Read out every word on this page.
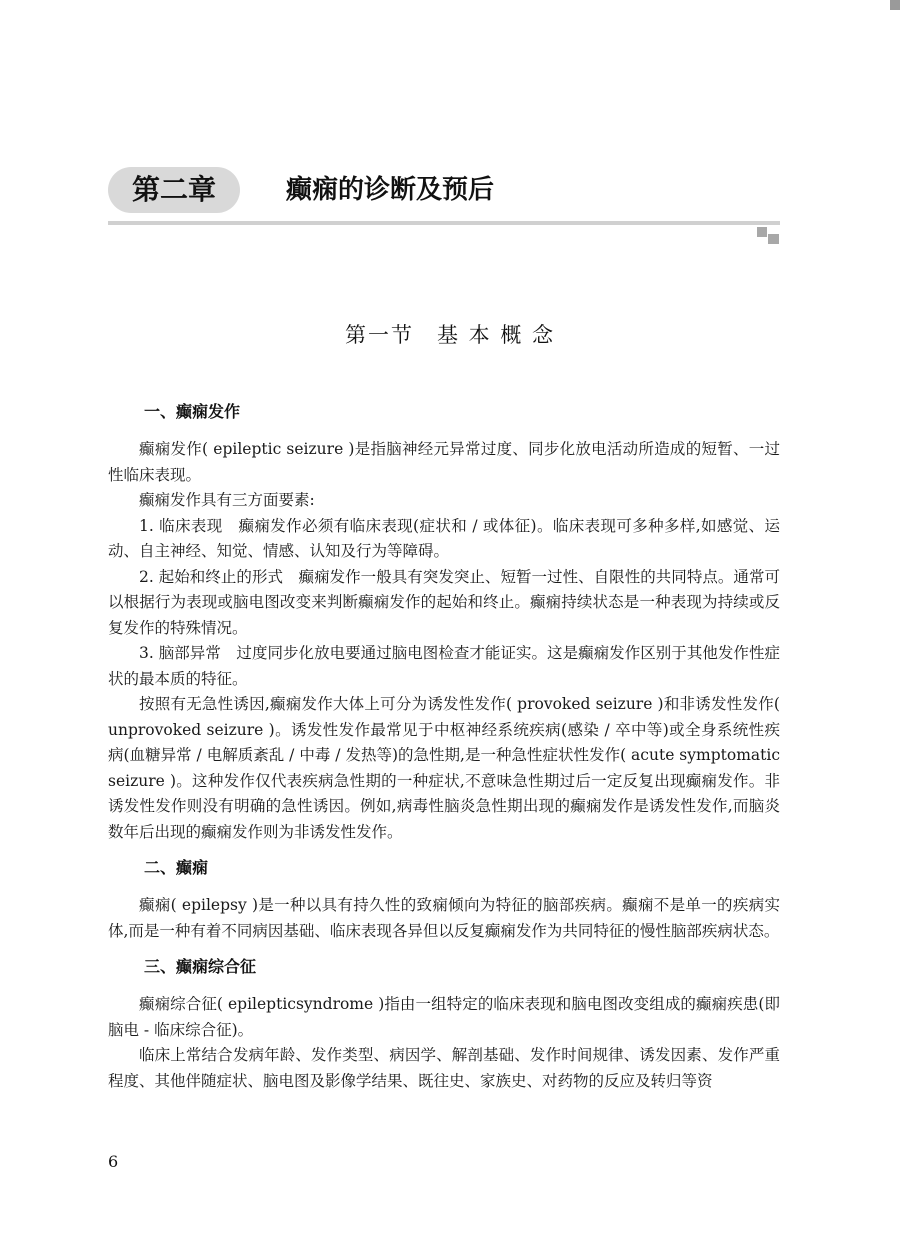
第二章	癫痫的诊断及预后
第一节　基 本 概 念
一、癫痫发作

癫痫发作( epileptic seizure )是指脑神经元异常过度、同步化放电活动所造成的短暂、一过性临床表现。

癫痫发作具有三方面要素:

1. 临床表现　癫痫发作必须有临床表现(症状和 / 或体征)。临床表现可多种多样,如感觉、运动、自主神经、知觉、情感、认知及行为等障碍。

2. 起始和终止的形式　癫痫发作一般具有突发突止、短暂一过性、自限性的共同特点。通常可以根据行为表现或脑电图改变来判断癫痫发作的起始和终止。癫痫持续状态是一种表现为持续或反复发作的特殊情况。

3. 脑部异常　过度同步化放电要通过脑电图检查才能证实。这是癫痫发作区别于其他发作性症状的最本质的特征。

按照有无急性诱因,癫痫发作大体上可分为诱发性发作( provoked seizure )和非诱发性发作( unprovoked seizure )。诱发性发作最常见于中枢神经系统疾病(感染 / 卒中等)或全身系统性疾病(血糖异常 / 电解质紊乱 / 中毒 / 发热等)的急性期,是一种急性症状性发作( acute symptomatic seizure )。这种发作仅代表疾病急性期的一种症状,不意味急性期过后一定反复出现癫痫发作。非诱发性发作则没有明确的急性诱因。例如,病毒性脑炎急性期出现的癫痫发作是诱发性发作,而脑炎数年后出现的癫痫发作则为非诱发性发作。

二、癫痫

癫痫( epilepsy )是一种以具有持久性的致痫倾向为特征的脑部疾病。癫痫不是单一的疾病实体,而是一种有着不同病因基础、临床表现各异但以反复癫痫发作为共同特征的慢性脑部疾病状态。

三、癫痫综合征

癫痫综合征( epilepticsyndrome )指由一组特定的临床表现和脑电图改变组成的癫痫疾患(即脑电 - 临床综合征)。

临床上常结合发病年龄、发作类型、病因学、解剖基础、发作时间规律、诱发因素、发作严重程度、其他伴随症状、脑电图及影像学结果、既往史、家族史、对药物的反应及转归等资

6
